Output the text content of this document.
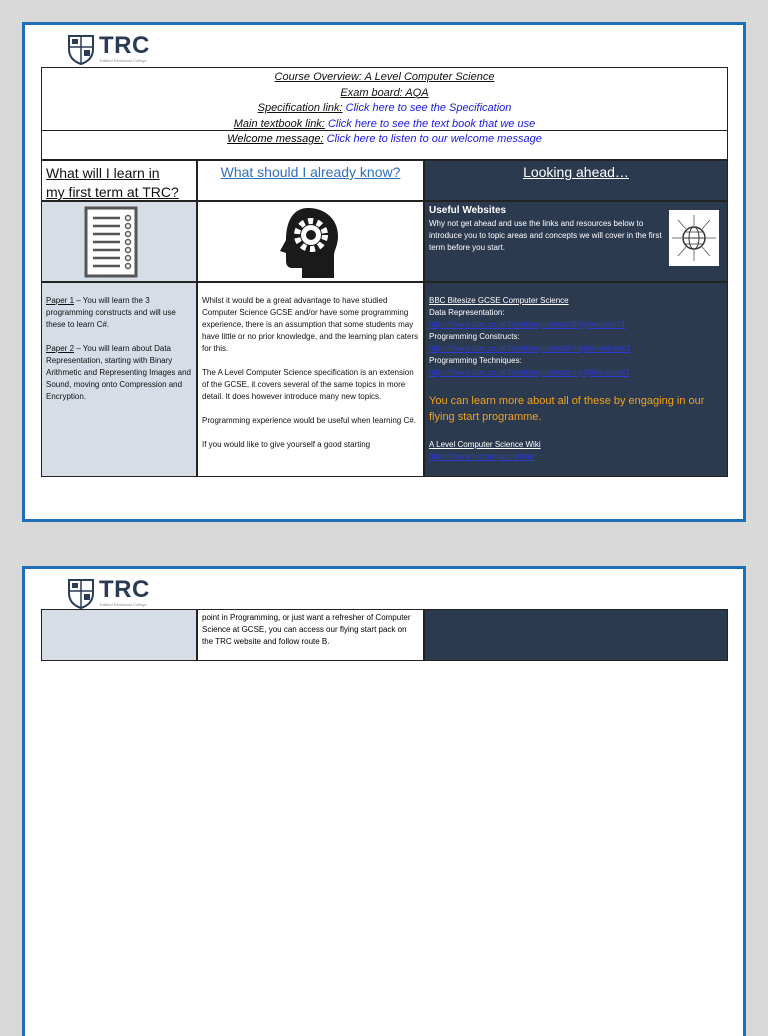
TRC
Trafford Richmond College
Course Overview: A Level Computer Science
Exam board: AQA
Specification link: Click here to see the Specification
Main textbook link: Click here to see the text book that we use
Welcome message: Click here to listen to our welcome message
What will I learn in
my first term at TRC?
What should I already know?	Looking ahead…
Useful Websites
Why not get ahead and use the links and resources below to introduce you to topic areas and concepts we will cover in the first term before you start.

Paper 1 – You will learn the 3 programming constructs and will use these to learn C#.

Paper 2 – You will learn about Data Representation, starting with Binary Arithmetic and Representing Images and Sound, moving onto Compression and Encryption.

Whilst it would be a great advantage to have studied Computer Science GCSE and/or have some programming experience, there is an assumption that some students may have little or no prior knowledge, and the learning plan caters for this.

The A Level Computer Science specification is an extension of the GCSE, it covers several of the same topics in more detail. It does however introduce many new topics.

Programming experience would be useful when learning C#.

If you would like to give yourself a good starting

BBC Bitesize GCSE Computer Science
Data Representation:
https://www.bbc.co.uk/bitesize/guides/zd88jty/revision/1
Programming Constructs:
https://www.bbc.co.uk/bitesize/guides/zh66pbk/revision/1
Programming Techniques:
https://www.bbc.co.uk/bitesize/guides/zmny4j6/revision/1
You can learn more about all of these by engaging in our flying start programme.
A Level Computer Science Wiki
https://www.trccompsci.online
TRC
Trafford Richmond College
point in Programming, or just want a refresher of Computer Science at GCSE, you can access our flying start pack on the TRC website and follow route B.
